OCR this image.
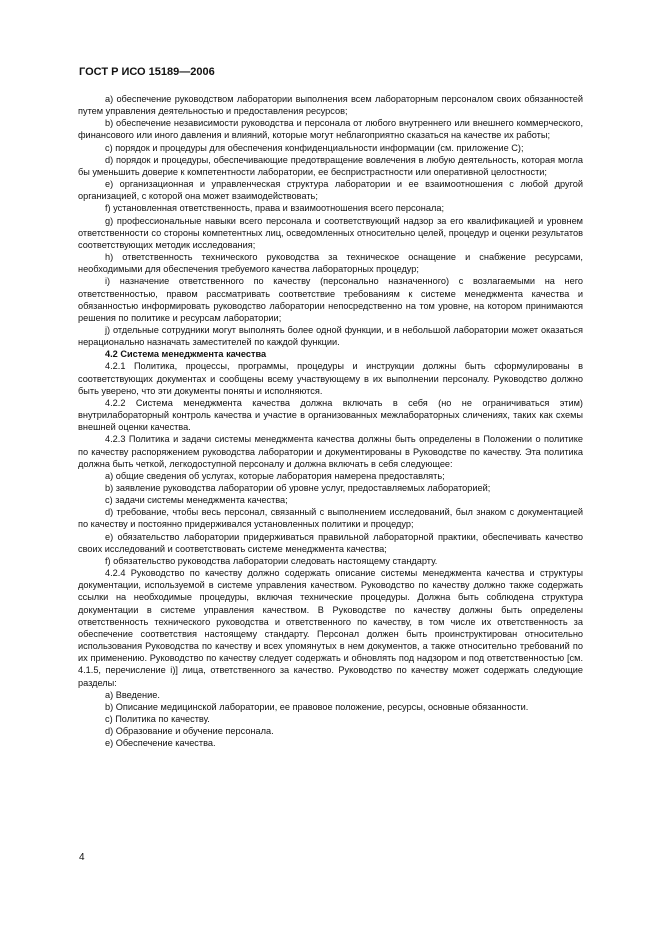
ГОСТ Р ИСО 15189—2006

а) обеспечение руководством лаборатории выполнения всем лабораторным персоналом своих обязанностей путем управления деятельностью и предоставления ресурсов;

b) обеспечение независимости руководства и персонала от любого внутреннего или внешнего коммерческого, финансового или иного давления и влияний, которые могут неблагоприятно сказаться на качестве их работы;

с) порядок и процедуры для обеспечения конфиденциальности информации (см. приложение С);

d) порядок и процедуры, обеспечивающие предотвращение вовлечения в любую деятельность, которая могла бы уменьшить доверие к компетентности лаборатории, ее беспристрастности или оперативной целостности;

е) организационная и управленческая структура лаборатории и ее взаимоотношения с любой другой организацией, с которой она может взаимодействовать;

f) установленная ответственность, права и взаимоотношения всего персонала;

g) профессиональные навыки всего персонала и соответствующий надзор за его квалификацией и уровнем ответственности со стороны компетентных лиц, осведомленных относительно целей, процедур и оценки результатов соответствующих методик исследования;

h) ответственность технического руководства за техническое оснащение и снабжение ресурсами, необходимыми для обеспечения требуемого качества лабораторных процедур;

i) назначение ответственного по качеству (персонально назначенного) с возлагаемыми на него ответственностью, правом рассматривать соответствие требованиям к системе менеджмента качества и обязанностью информировать руководство лаборатории непосредственно на том уровне, на котором принимаются решения по политике и ресурсам лаборатории;

j) отдельные сотрудники могут выполнять более одной функции, и в небольшой лаборатории может оказаться нерационально назначать заместителей по каждой функции.

4.2 Система менеджмента качества

4.2.1 Политика, процессы, программы, процедуры и инструкции должны быть сформулированы в соответствующих документах и сообщены всему участвующему в их выполнении персоналу. Руководство должно быть уверено, что эти документы поняты и исполняются.

4.2.2 Система менеджмента качества должна включать в себя (но не ограничиваться этим) внутрилабораторный контроль качества и участие в организованных межлабораторных сличениях, таких как схемы внешней оценки качества.

4.2.3 Политика и задачи системы менеджмента качества должны быть определены в Положении о политике по качеству распоряжением руководства лаборатории и документированы в Руководстве по качеству. Эта политика должна быть четкой, легкодоступной персоналу и должна включать в себя следующее:

а) общие сведения об услугах, которые лаборатория намерена предоставлять;

b) заявление руководства лаборатории об уровне услуг, предоставляемых лабораторией;

с) задачи системы менеджмента качества;

d) требование, чтобы весь персонал, связанный с выполнением исследований, был знаком с документацией по качеству и постоянно придерживался установленных политики и процедур;

е) обязательство лаборатории придерживаться правильной лабораторной практики, обеспечивать качество своих исследований и соответствовать системе менеджмента качества;

f) обязательство руководства лаборатории следовать настоящему стандарту.

4.2.4 Руководство по качеству должно содержать описание системы менеджмента качества и структуры документации, используемой в системе управления качеством. Руководство по качеству должно также содержать ссылки на необходимые процедуры, включая технические процедуры. Должна быть соблюдена структура документации в системе управления качеством. В Руководстве по качеству должны быть определены ответственность технического руководства и ответственного по качеству, в том числе их ответственность за обеспечение соответствия настоящему стандарту. Персонал должен быть проинструктирован относительно использования Руководства по качеству и всех упомянутых в нем документов, а также относительно требований по их применению. Руководство по качеству следует содержать и обновлять под надзором и под ответственностью [см. 4.1.5, перечисление i)] лица, ответственного за качество. Руководство по качеству может содержать следующие разделы:

а) Введение.

b) Описание медицинской лаборатории, ее правовое положение, ресурсы, основные обязанности.

с) Политика по качеству.

d) Образование и обучение персонала.

е) Обеспечение качества.

4
